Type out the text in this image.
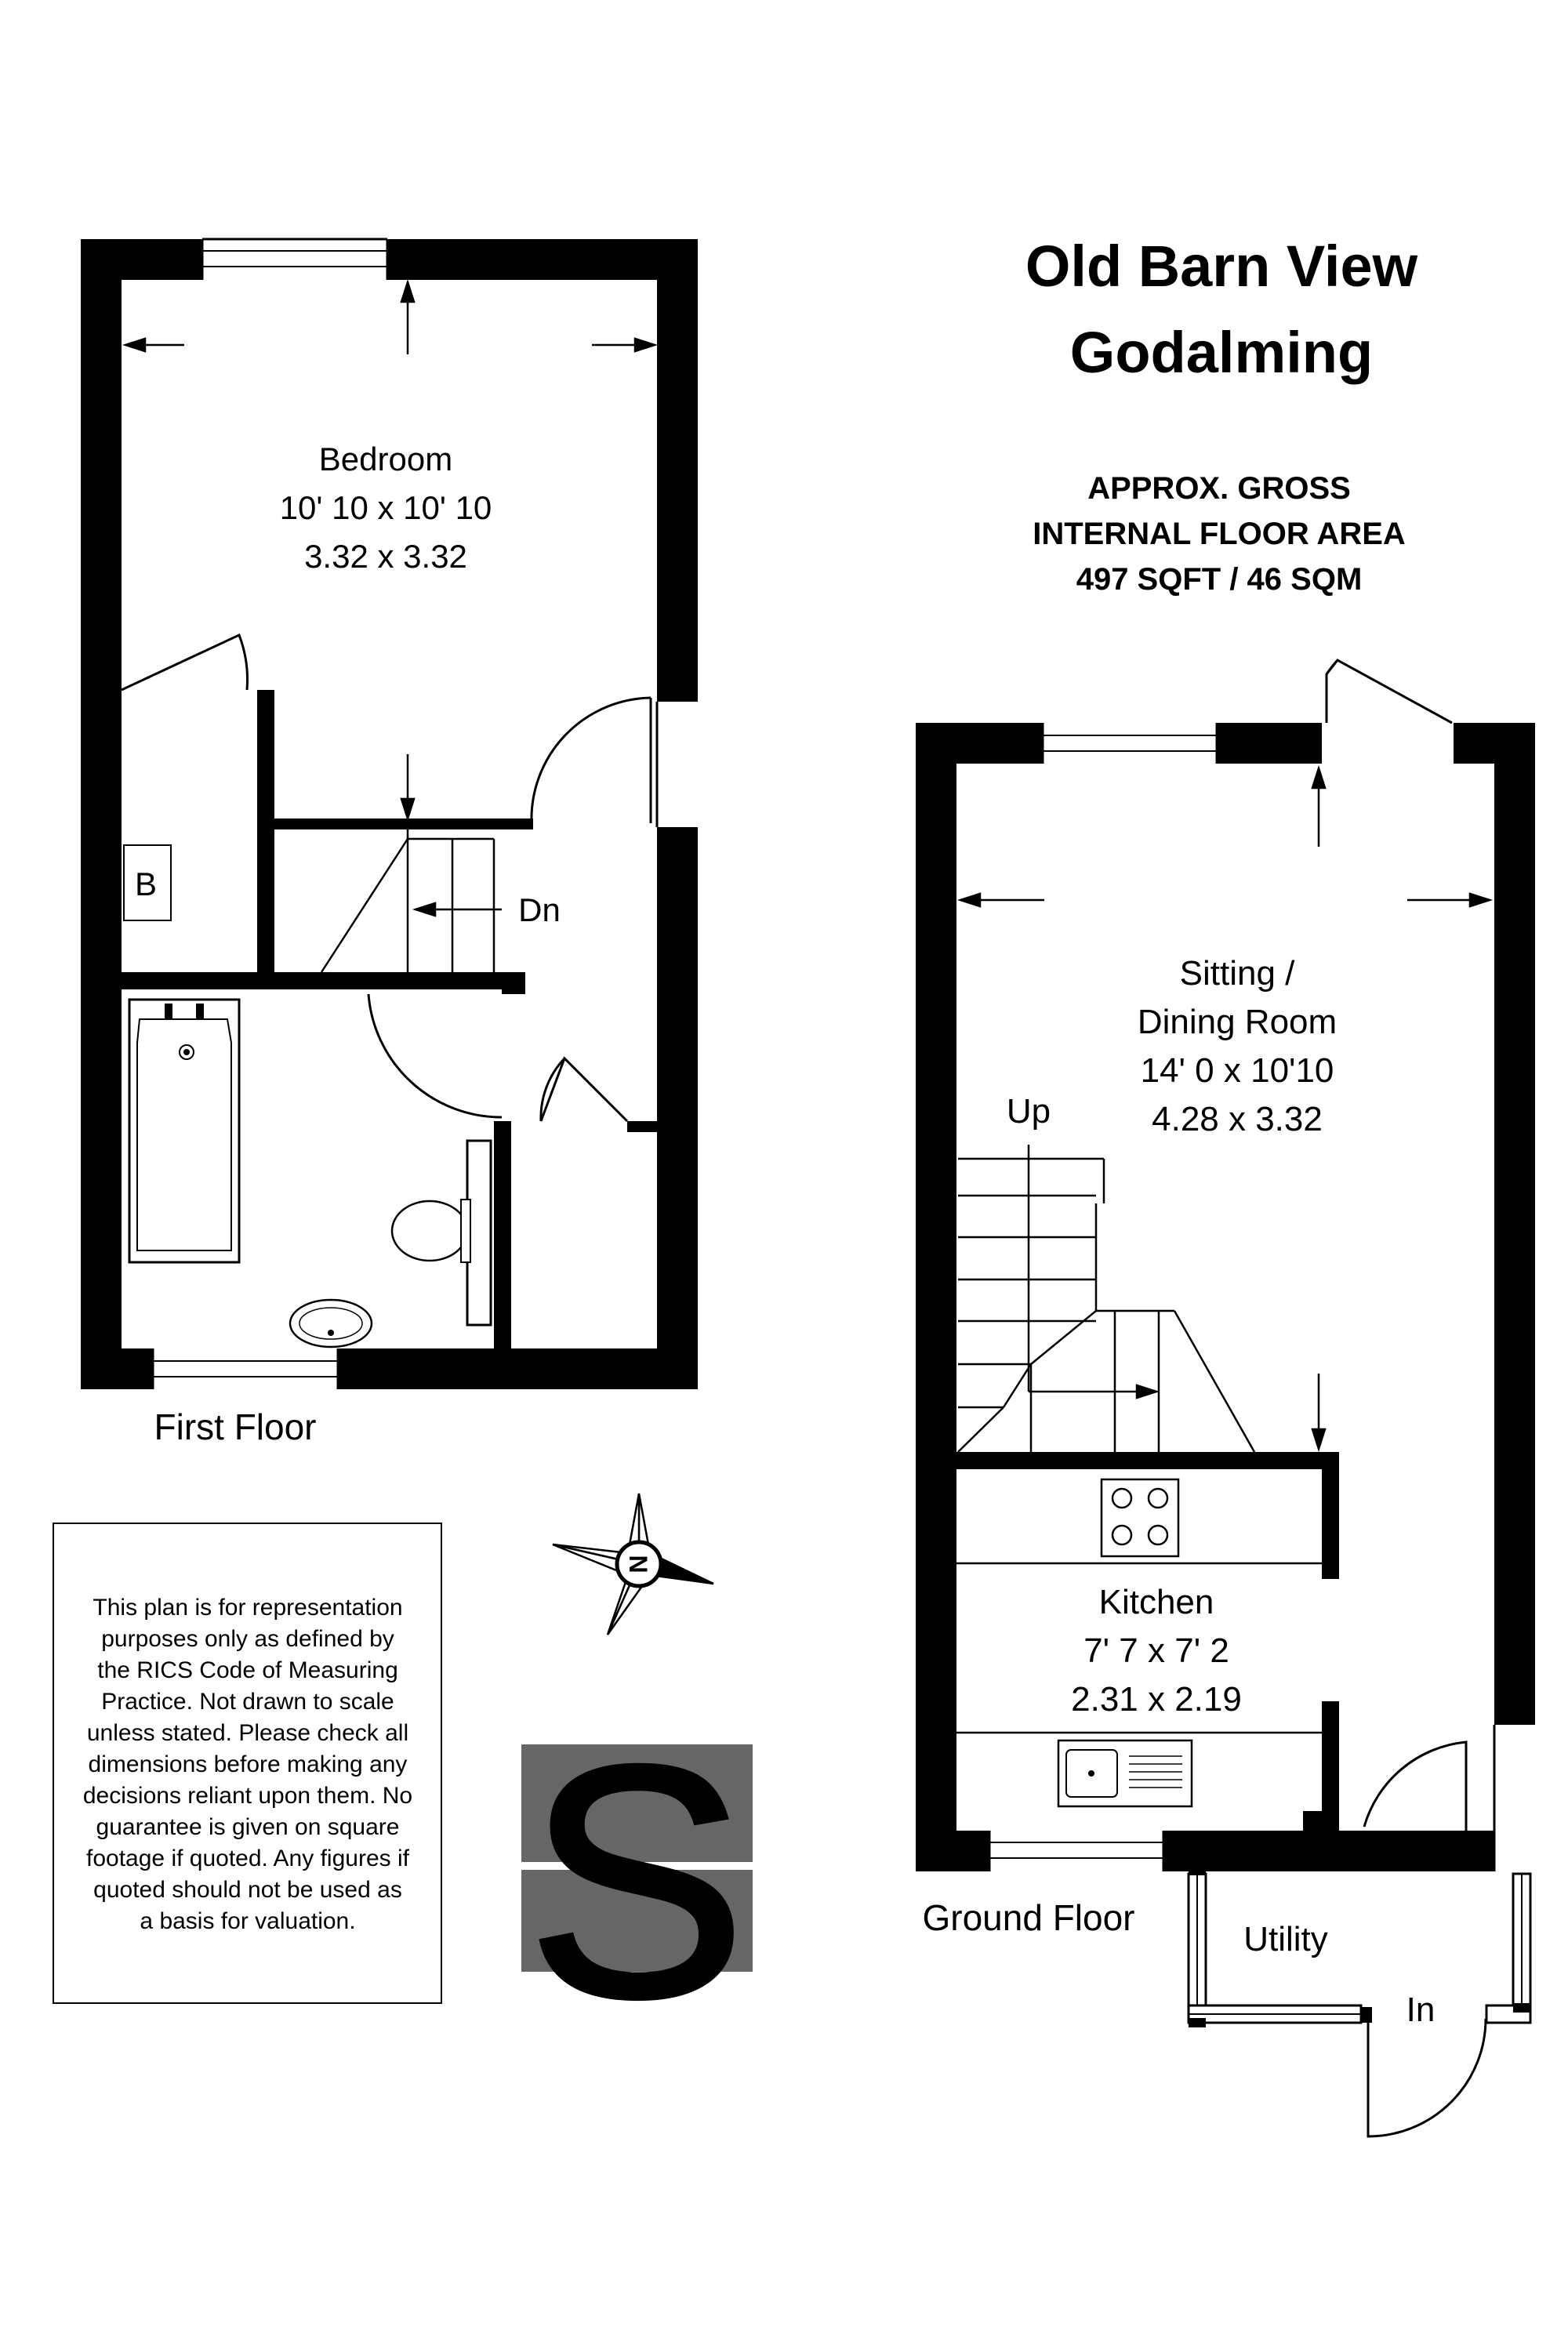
Old Barn View
Godalming
APPROX. GROSS
INTERNAL FLOOR AREA
497 SQFT / 46 SQM
Dn
B
Bedroom
10' 10 x 10' 10
3.32 x 3.32
First Floor
Up
Sitting /
Dining Room
14' 0 x 10'10
4.28 x 3.32
Kitchen
7' 7 x 7' 2
2.31 x 2.19
Utility
In
Ground Floor
N
This plan is for representation
purposes only as defined by
the RICS Code of Measuring
Practice. Not drawn to scale
unless stated. Please check all
dimensions before making any
decisions reliant upon them. No
guarantee is given on square
footage if quoted. Any figures if
quoted should not be used as
a basis for valuation. S
